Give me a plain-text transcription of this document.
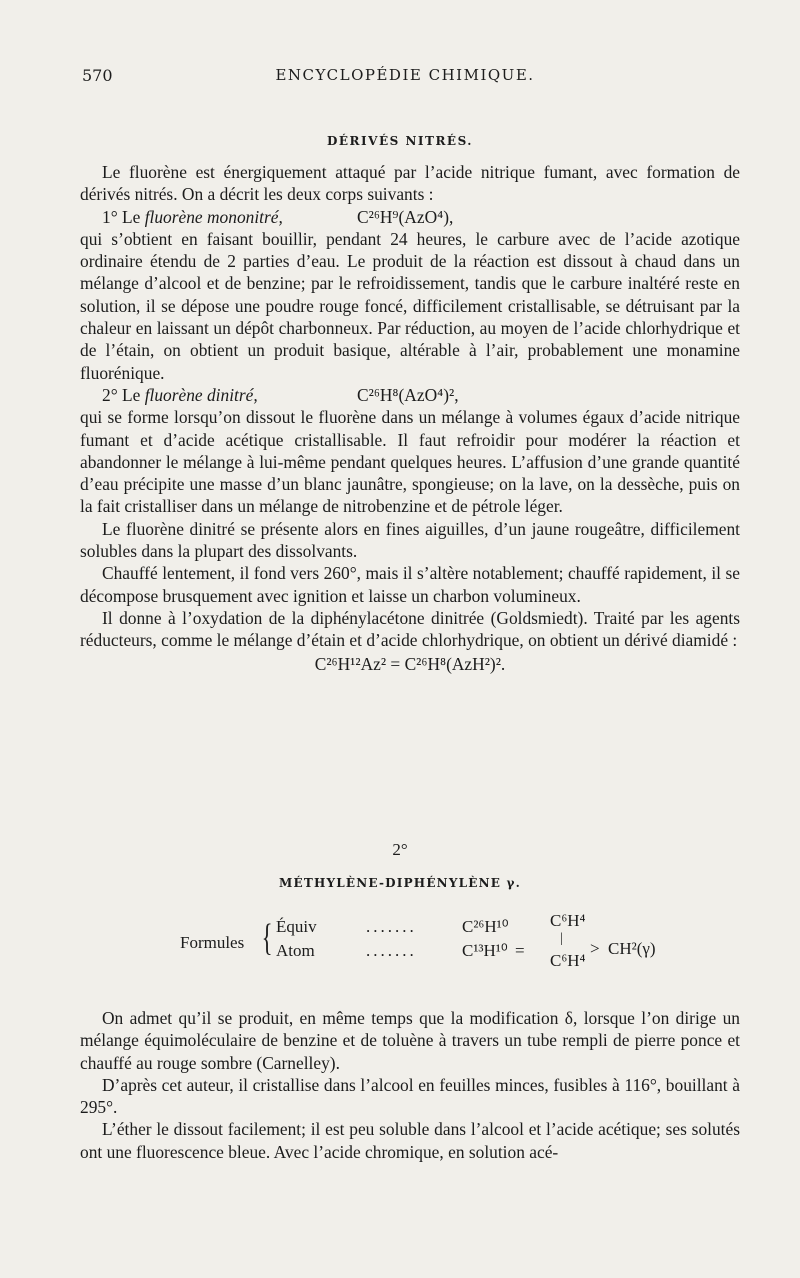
570	ENCYCLOPÉDIE CHIMIQUE.
DÉRIVÉS NITRÉS.

Le fluorène est énergiquement attaqué par l’acide nitrique fumant, avec formation de dérivés nitrés. On a décrit les deux corps suivants :

1° Le fluorène mononitré,	C²⁶H⁹(AzO⁴),

qui s’obtient en faisant bouillir, pendant 24 heures, le carbure avec de l’acide azotique ordinaire étendu de 2 parties d’eau. Le produit de la réaction est dissout à chaud dans un mélange d’alcool et de benzine; par le refroidissement, tandis que le carbure inaltéré reste en solution, il se dépose une poudre rouge foncé, difficilement cristallisable, se détruisant par la chaleur en laissant un dépôt charbonneux. Par réduction, au moyen de l’acide chlorhydrique et de l’étain, on obtient un produit basique, altérable à l’air, probablement une monamine fluorénique.

2° Le fluorène dinitré,	C²⁶H⁸(AzO⁴)²,

qui se forme lorsqu’on dissout le fluorène dans un mélange à volumes égaux d’acide nitrique fumant et d’acide acétique cristallisable. Il faut refroidir pour modérer la réaction et abandonner le mélange à lui-même pendant quelques heures. L’affusion d’une grande quantité d’eau précipite une masse d’un blanc jaunâtre, spongieuse; on la lave, on la dessèche, puis on la fait cristalliser dans un mélange de nitrobenzine et de pétrole léger.

Le fluorène dinitré se présente alors en fines aiguilles, d’un jaune rougeâtre, difficilement solubles dans la plupart des dissolvants.

Chauffé lentement, il fond vers 260°, mais il s’altère notablement; chauffé rapidement, il se décompose brusquement avec ignition et laisse un charbon volumineux.

Il donne à l’oxydation de la diphénylacétone dinitrée (Goldsmiedt). Traité par les agents réducteurs, comme le mélange d’étain et d’acide chlorhydrique, on obtient un dérivé diamidé :

C²⁶H¹²Az² = C²⁶H⁸(AzH²)².

2°
MÉTHYLÈNE-DIPHÉNYLÈNE γ.
Formules { Équiv	.......	C²⁶H¹⁰
Atom	.......	C¹³H¹⁰ =
C⁶H⁴
|
C⁶H⁴
> CH²(γ)

On admet qu’il se produit, en même temps que la modification δ, lorsque l’on dirige un mélange équimoléculaire de benzine et de toluène à travers un tube rempli de pierre ponce et chauffé au rouge sombre (Carnelley).

D’après cet auteur, il cristallise dans l’alcool en feuilles minces, fusibles à 116°, bouillant à 295°.

L’éther le dissout facilement; il est peu soluble dans l’alcool et l’acide acétique; ses solutés ont une fluorescence bleue. Avec l’acide chromique, en solution acé-
